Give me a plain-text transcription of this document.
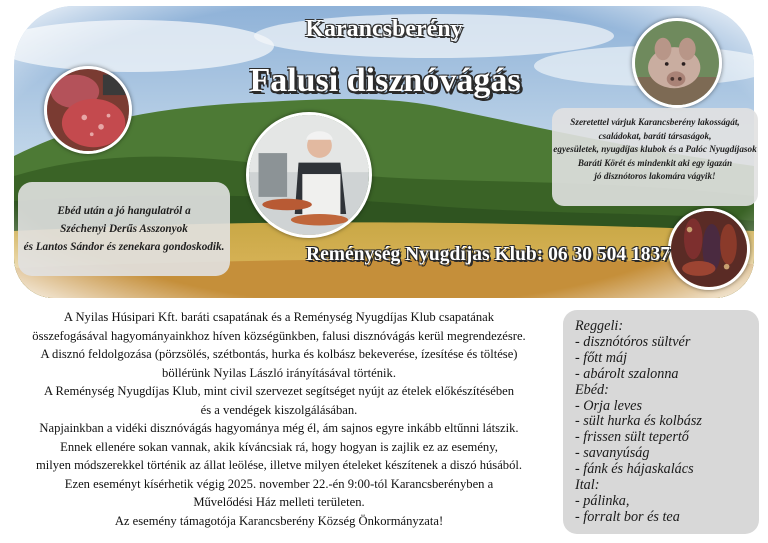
Karancsberény
Falusi disznóvágás
Szeretettel várjuk Karancsberény lakosságát,
családokat, baráti társaságok,
egyesületek, nyugdíjas klubok és a Palóc Nyugdíjasok
Baráti Körét és mindenkit aki egy igazán
jó disznótoros lakomára vágyik!
Ebéd után a jó hangulatról a
Széchenyi Derűs Asszonyok
és Lantos Sándor és zenekara gondoskodik.	Reménység Nyugdíjas Klub: 06 30 504 1837
A Nyilas Húsipari Kft. baráti csapatának és a Reménység Nyugdíjas Klub csapatának
összefogásával hagyományainkhoz híven községünkben, falusi disznóvágás kerül megrendezésre.
A disznó feldolgozása (pörzsölés, szétbontás, hurka és kolbász bekeverése, ízesítése és töltése)
böllérünk Nyilas László irányításával történik.
A Reménység Nyugdíjas Klub, mint civil szervezet segítséget nyújt az ételek előkészítésében
és a vendégek kiszolgálásában.
Napjainkban a vidéki disznóvágás hagyománya még él, ám sajnos egyre inkább eltűnni látszik.
Ennek ellenére sokan vannak, akik kíváncsiak rá, hogy hogyan is zajlik ez az esemény,
milyen módszerekkel történik az állat leölése, illetve milyen ételeket készítenek a diszó húsából.
Ezen eseményt kísérhetik végig 2025. november 22.-én 9:00-tól Karancsberényben a
Művelődési Ház melleti területen.
Az esemény támagotója Karancsberény Község Önkormányzata!
Reggeli:
- disznótóros sültvér
- főtt máj
- abárolt szalonna
Ebéd:
- Orja leves
- sült hurka és kolbász
- frissen sült tepertő
- savanyúság
- fánk és hájaskalács
Ital:
- pálinka,
- forralt bor és tea
